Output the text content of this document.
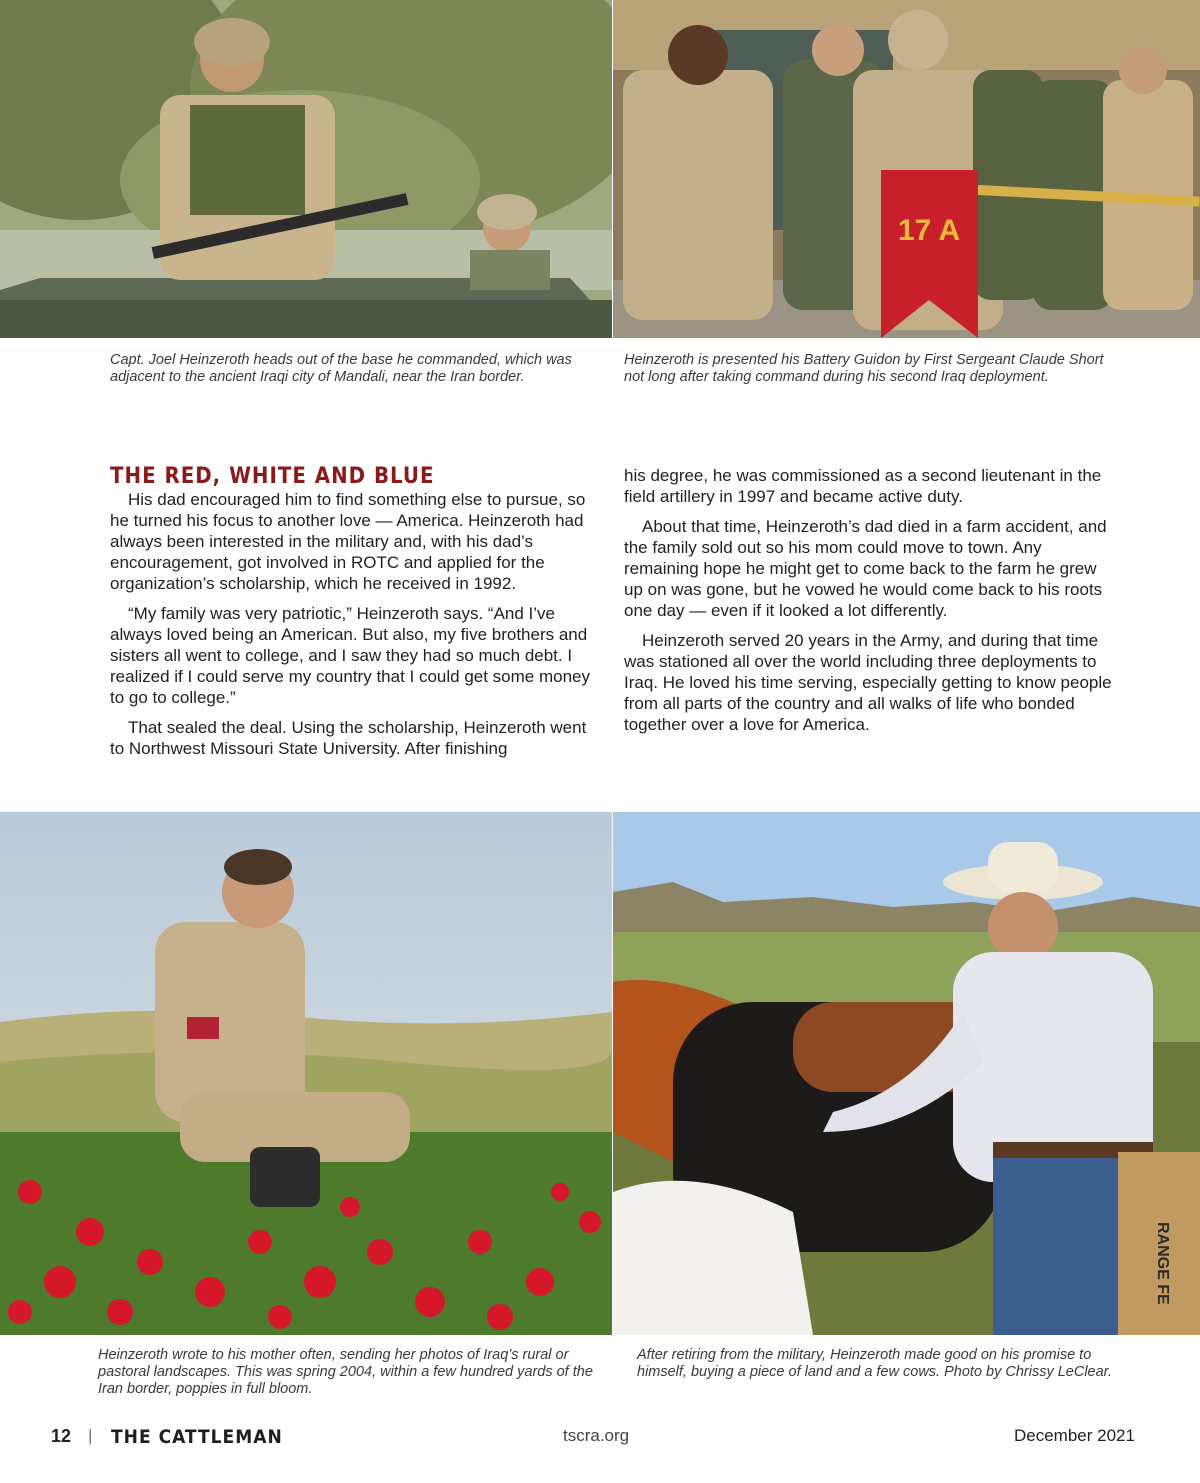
17 A
Capt. Joel Heinzeroth heads out of the base he commanded, which was adjacent to the ancient Iraqi city of Mandali, near the Iran border.
Heinzeroth is presented his Battery Guidon by First Sergeant Claude Short not long after taking command during his second Iraq deployment.
THE RED, WHITE AND BLUE

His dad encouraged him to find something else to pursue, so he turned his focus to another love — America. Heinzeroth had always been interested in the military and, with his dad’s encouragement, got involved in ROTC and applied for the organization’s scholarship, which he received in 1992.

“My family was very patriotic,” Heinzeroth says. “And I’ve always loved being an American. But also, my five brothers and sisters all went to college, and I saw they had so much debt. I realized if I could serve my country that I could get some money to go to college.”

That sealed the deal. Using the scholarship, Heinzeroth went to Northwest Missouri State University. After finishing

his degree, he was commissioned as a second lieutenant in the field artillery in 1997 and became active duty.

About that time, Heinzeroth’s dad died in a farm accident, and the family sold out so his mom could move to town. Any remaining hope he might get to come back to the farm he grew up on was gone, but he vowed he would come back to his roots one day — even if it looked a lot differently.

Heinzeroth served 20 years in the Army, and during that time was stationed all over the world including three deployments to Iraq. He loved his time serving, especially getting to know people from all parts of the country and all walks of life who bonded together over a love for America.

RANGE FE
Heinzeroth wrote to his mother often, sending her photos of Iraq’s rural or pastoral landscapes. This was spring 2004, within a few hundred yards of the Iran border, poppies in full bloom.
After retiring from the military, Heinzeroth made good on his promise to himself, buying a piece of land and a few cows. Photo by Chrissy LeClear.
12 | THE CATTLEMAN	tscra.org	December 2021
